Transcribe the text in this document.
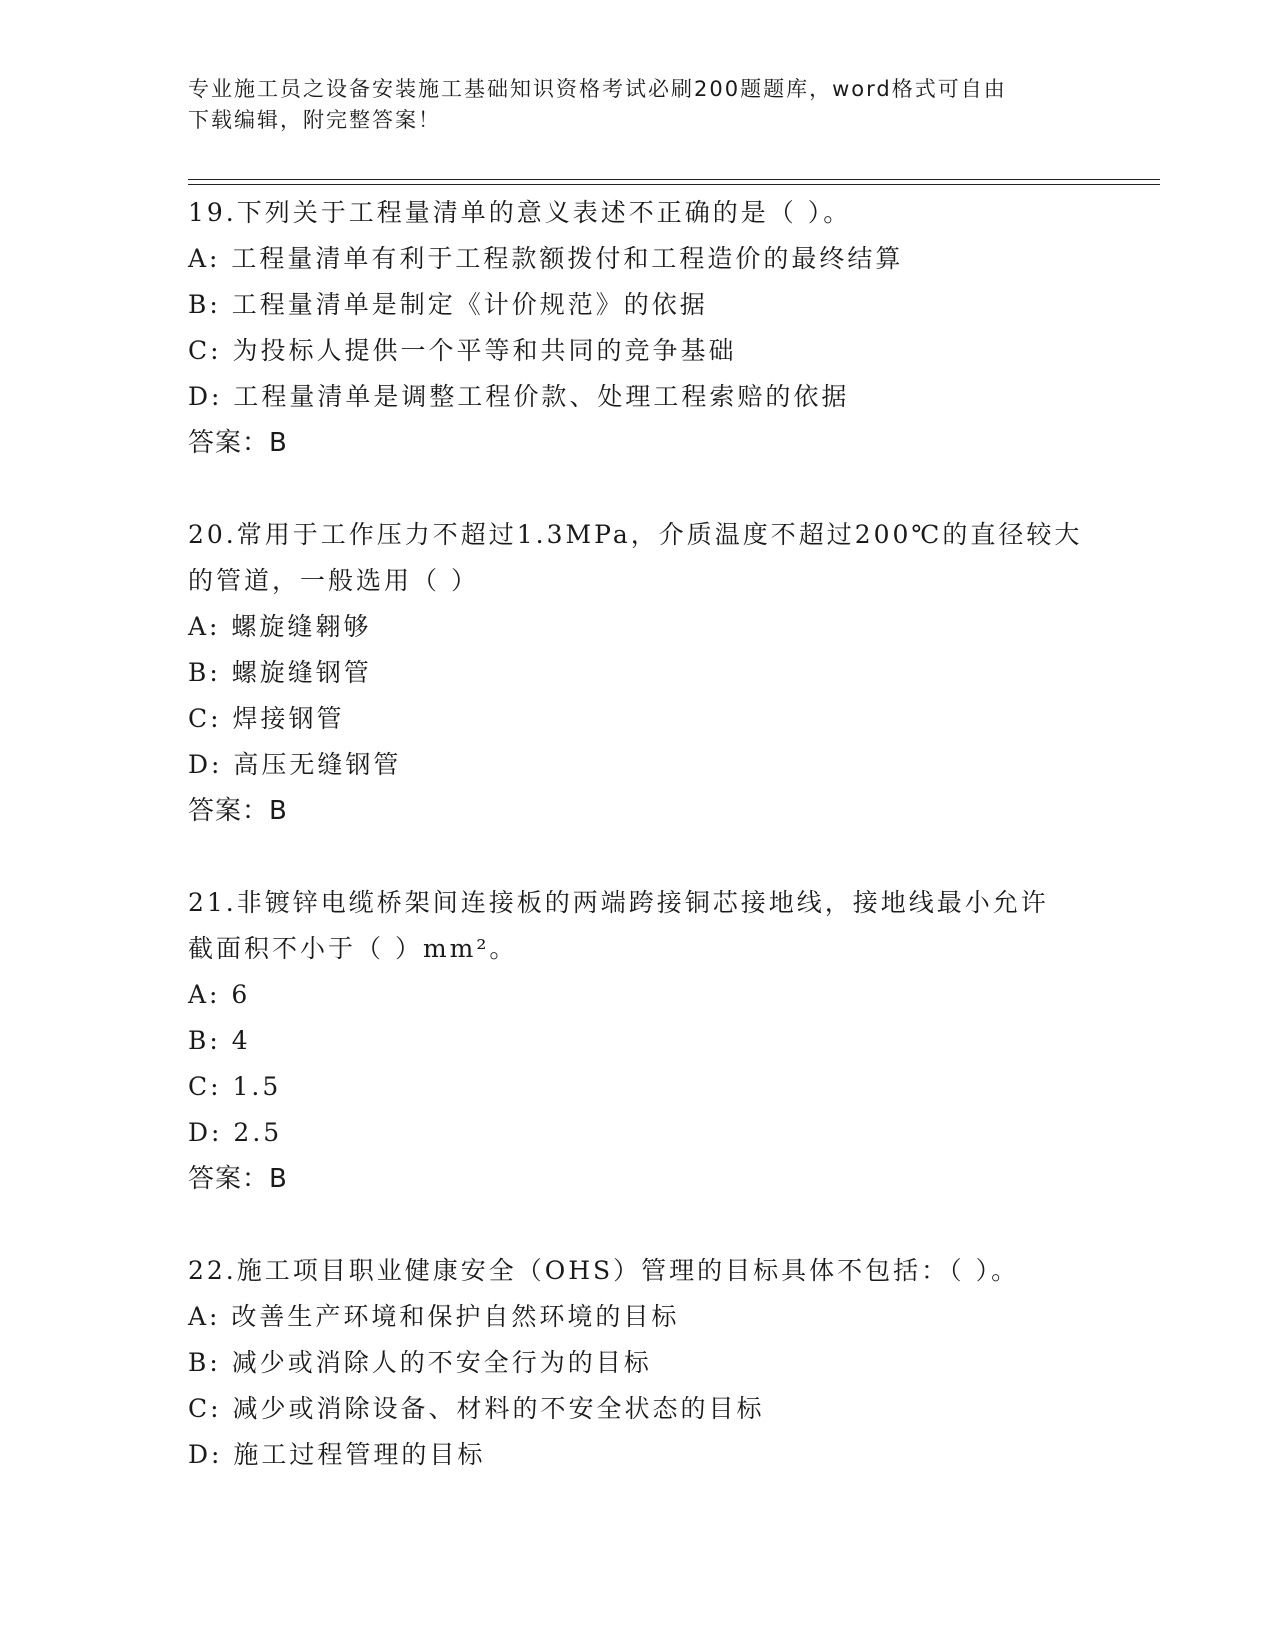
专业施工员之设备安装施工基础知识资格考试必刷200题题库，word格式可自由
下载编辑，附完整答案！
19.下列关于工程量清单的意义表述不正确的是（ ）。
A: 工程量清单有利于工程款额拨付和工程造价的最终结算
B: 工程量清单是制定《计价规范》的依据
C: 为投标人提供一个平等和共同的竞争基础
D: 工程量清单是调整工程价款、处理工程索赔的依据
答案：B
20.常用于工作压力不超过1.3MPa，介质温度不超过200℃的直径较大
的管道，一般选用（ ）
A: 螺旋缝翱够
B: 螺旋缝钢管
C: 焊接钢管
D: 高压无缝钢管
答案：B
21.非镀锌电缆桥架间连接板的两端跨接铜芯接地线，接地线最小允许
截面积不小于（ ）mm²。
A: 6
B: 4
C: 1.5
D: 2.5
答案：B
22.施工项目职业健康安全（OHS）管理的目标具体不包括：（ ）。
A: 改善生产环境和保护自然环境的目标
B: 减少或消除人的不安全行为的目标
C: 减少或消除设备、材料的不安全状态的目标
D: 施工过程管理的目标
